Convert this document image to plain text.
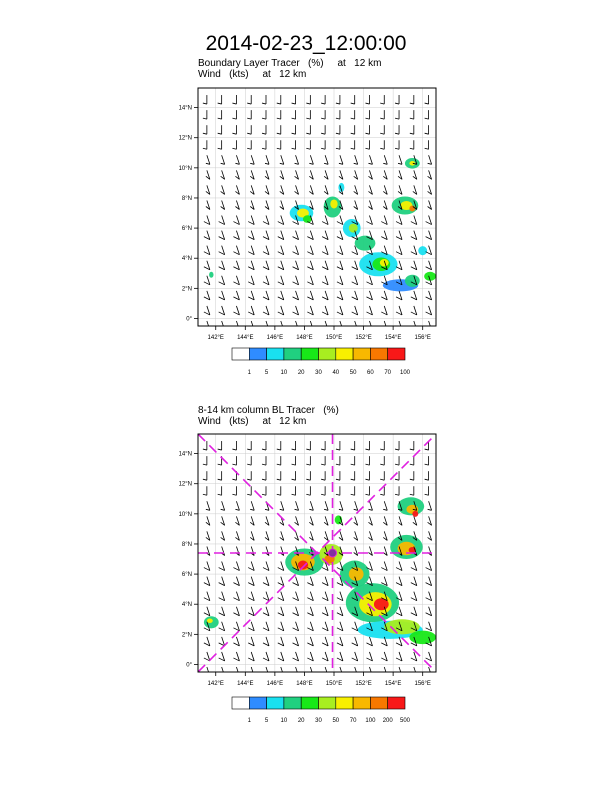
2014-02-23_12:00:00
Boundary Layer Tracer   (%)     at   12 km
Wind   (kts)     at   12 km
8-14 km column BL Tracer   (%)
Wind   (kts)     at   12 km
142°E 144°E 146°E 148°E 150°E 152°E 154°E 156°E
0°
2°N
4°N
6°N
8°N
10°N
12°N
14°N
1 5 10 20 30 40 50 60 70 100
142°E 144°E 146°E 148°E 150°E 152°E 154°E 156°E
0°
2°N
4°N
6°N
8°N
10°N
12°N
14°N
1 5 10 20 30 50 70 100 200 500
